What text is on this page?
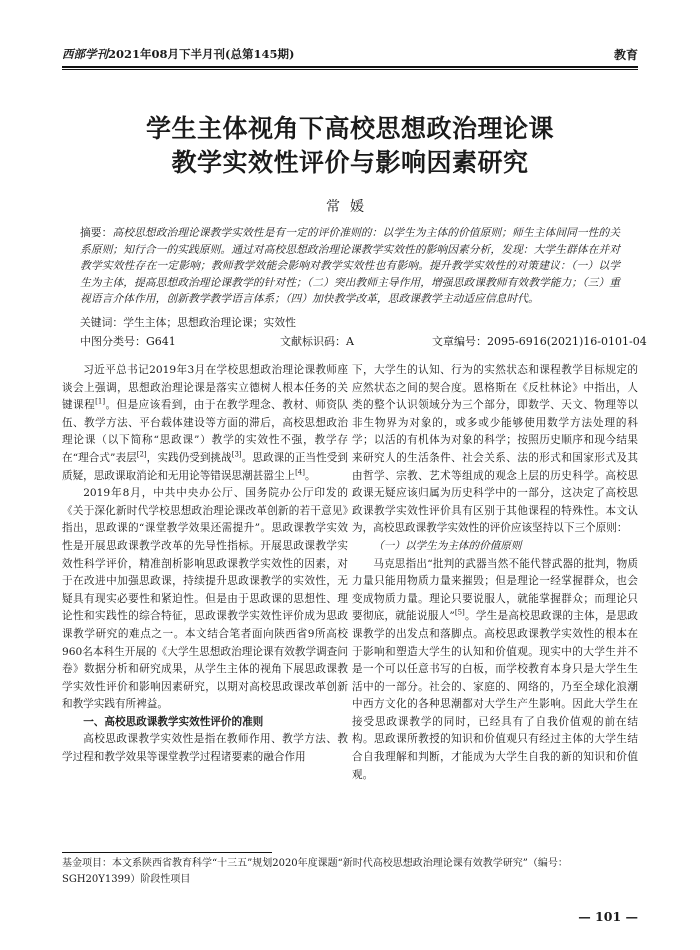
西部学刊2021年08月下半月刊(总第145期)	教育
学生主体视角下高校思想政治理论课
教学实效性评价与影响因素研究
常媛
摘要：高校思想政治理论课教学实效性是有一定的评价准则的：以学生为主体的价值原则；师生主体间同一性的关系原则；知行合一的实践原则。通过对高校思想政治理论课教学实效性的影响因素分析，发现：大学生群体在并对教学实效性存在一定影响；教师教学效能会影响对教学实效性也有影响。提升教学实效性的对策建议：（一）以学生为主体，提高思想政治理论课教学的针对性；（二）突出教师主导作用，增强思政课教师有效教学能力；（三）重视语言介体作用，创新教学教学语言体系；（四）加快教学改革，思政课教学主动适应信息时代。
关键词：学生主体；思想政治理论课；实效性
中图分类号：G641	文献标识码：A	文章编号：2095-6916(2021)16-0101-04

习近平总书记2019年3月在学校思想政治理论课教师座谈会上强调，思想政治理论课是落实立德树人根本任务的关键课程[1]。但是应该看到，由于在教学理念、教材、师资队伍、教学方法、平台载体建设等方面的滞后，高校思想政治理论课（以下简称“思政课”）教学的实效性不强，教学存在“理合式”表层[2]，实践仍受到挑战[3]。思政课的正当性受到质疑，思政课取消论和无用论等错误思潮甚嚣尘上[4]。

2019年8月，中共中央办公厅、国务院办公厅印发的《关于深化新时代学校思想政治理论课改革创新的若干意见》指出，思政课的“课堂教学效果还需提升”。思政课教学实效性是开展思政课教学改革的先导性指标。开展思政课教学实效性科学评价，精准剖析影响思政课教学实效性的因素，对于在改进中加强思政课，持续提升思政课教学的实效性，无疑具有现实必要性和紧迫性。但是由于思政课的思想性、理论性和实践性的综合特征，思政课教学实效性评价成为思政课教学研究的难点之一。本文结合笔者面向陕西省9所高校960名本科生开展的《大学生思想政治理论课有效教学调查问卷》数据分析和研究成果，从学生主体的视角下展思政课教学实效性评价和影响因素研究，以期对高校思政课改革创新和教学实践有所裨益。

一、高校思政课教学实效性评价的准则

高校思政课教学实效性是指在教师作用、教学方法、教学过程和教学效果等课堂教学过程诸要素的融合作用

下，大学生的认知、行为的实然状态和课程教学目标规定的应然状态之间的契合度。恩格斯在《反杜林论》中指出，人类的整个认识领域分为三个部分，即数学、天文、物理等以非生物界为对象的，或多或少能够使用数学方法处理的科学；以活的有机体为对象的科学；按照历史顺序和现今结果来研究人的生活条件、社会关系、法的形式和国家形式及其由哲学、宗教、艺术等组成的观念上层的历史科学。高校思政课无疑应该归属为历史科学中的一部分，这决定了高校思政课教学实效性评价具有区别于其他课程的特殊性。本文认为，高校思政课教学实效性的评价应该坚持以下三个原则：

（一）以学生为主体的价值原则

马克思指出“批判的武器当然不能代替武器的批判，物质力量只能用物质力量来摧毁；但是理论一经掌握群众，也会变成物质力量。理论只要说服人，就能掌握群众；而理论只要彻底，就能说服人”[5]。学生是高校思政课的主体，是思政课教学的出发点和落脚点。高校思政课教学实效性的根本在于影响和塑造大学生的认知和价值观。现实中的大学生并不是一个可以任意书写的白板，而学校教育本身只是大学生生活中的一部分。社会的、家庭的、网络的，乃至全球化浪潮中西方文化的各种思潮都对大学生产生影响。因此大学生在接受思政课教学的同时，已经具有了自我价值观的前在结构。思政课所教授的知识和价值观只有经过主体的大学生结合自我理解和判断，才能成为大学生自我的新的知识和价值观。

基金项目：本文系陕西省教育科学“十三五”规划2020年度课题“新时代高校思想政治理论课有效教学研究”（编号：SGH20Y1399）阶段性项目
— 101 —
